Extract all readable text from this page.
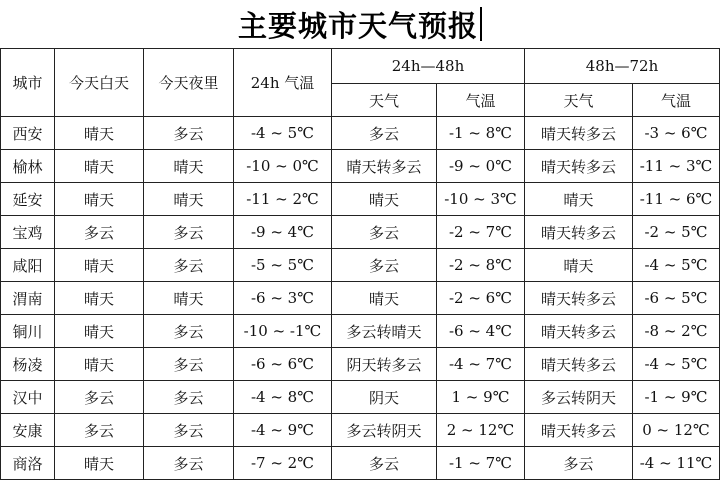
主要城市天气预报
城市	今天白天	今天夜里	24h 气温	24h—48h		48h—72h	
				天气	气温	天气	气温
西安	晴天	多云	-4 ~ 5℃	多云	-1 ~ 8℃	晴天转多云	-3 ~ 6℃
榆林	晴天	晴天	-10 ~ 0℃	晴天转多云	-9 ~ 0℃	晴天转多云	-11 ~ 3℃
延安	晴天	晴天	-11 ~ 2℃	晴天	-10 ~ 3℃	晴天	-11 ~ 6℃
宝鸡	多云	多云	-9 ~ 4℃	多云	-2 ~ 7℃	晴天转多云	-2 ~ 5℃
咸阳	晴天	多云	-5 ~ 5℃	多云	-2 ~ 8℃	晴天	-4 ~ 5℃
渭南	晴天	晴天	-6 ~ 3℃	晴天	-2 ~ 6℃	晴天转多云	-6 ~ 5℃
铜川	晴天	多云	-10 ~ -1℃	多云转晴天	-6 ~ 4℃	晴天转多云	-8 ~ 2℃
杨凌	晴天	多云	-6 ~ 6℃	阴天转多云	-4 ~ 7℃	晴天转多云	-4 ~ 5℃
汉中	多云	多云	-4 ~ 8℃	阴天	1 ~ 9℃	多云转阴天	-1 ~ 9℃
安康	多云	多云	-4 ~ 9℃	多云转阴天	2 ~ 12℃	晴天转多云	0 ~ 12℃
商洛	晴天	多云	-7 ~ 2℃	多云	-1 ~ 7℃	多云	-4 ~ 11℃
